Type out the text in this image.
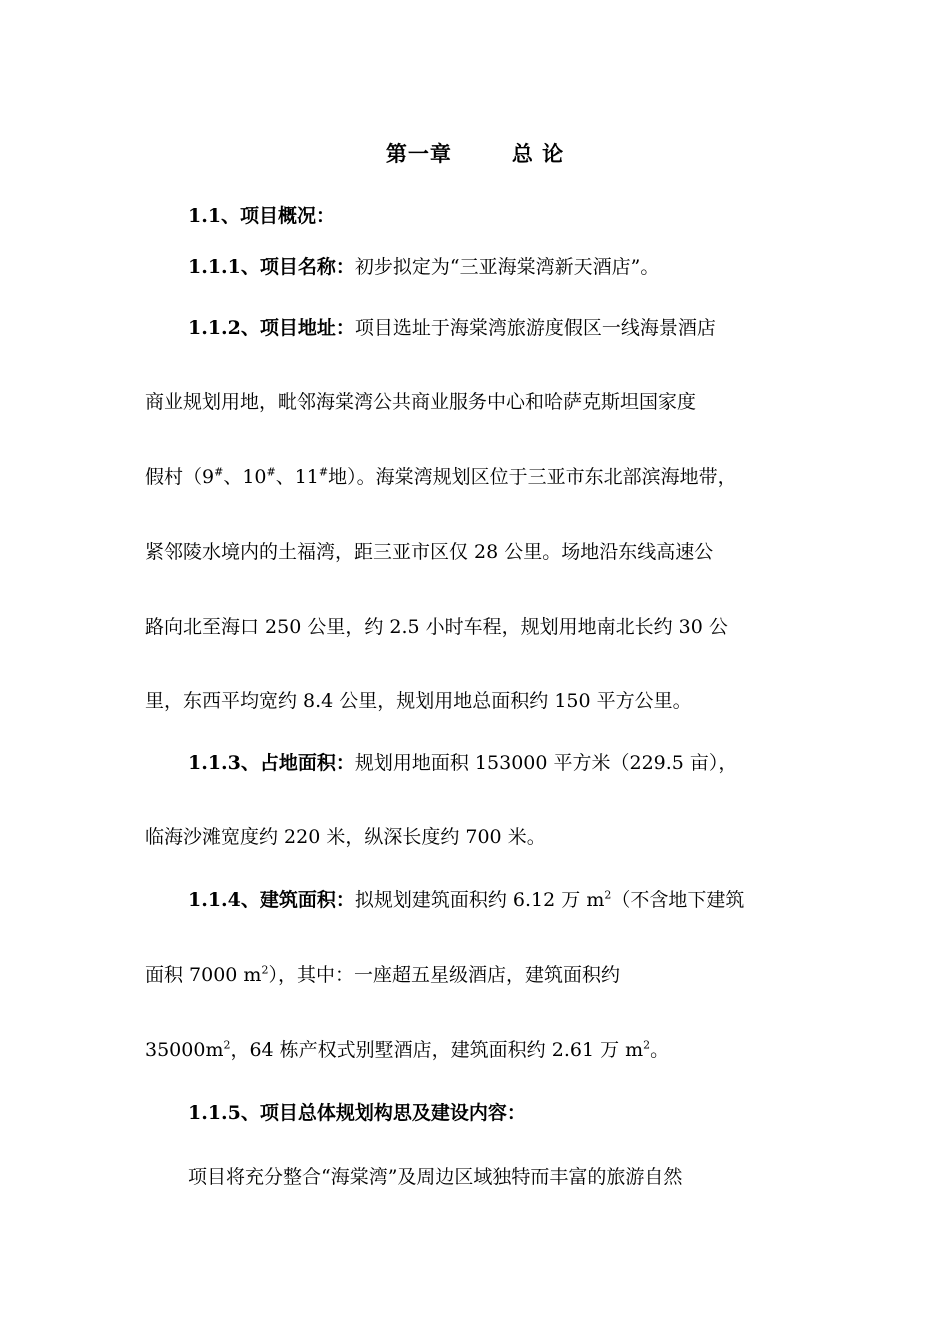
第一章	总 论
1.1、项目概况：
1.1.1、项目名称：初步拟定为“三亚海棠湾新天酒店”。
1.1.2、项目地址：项目选址于海棠湾旅游度假区一线海景酒店
商业规划用地，毗邻海棠湾公共商业服务中心和哈萨克斯坦国家度
假村（9#、10#、11#地）。海棠湾规划区位于三亚市东北部滨海地带，
紧邻陵水境内的土福湾，距三亚市区仅 28 公里。场地沿东线高速公
路向北至海口 250 公里，约 2.5 小时车程，规划用地南北长约 30 公
里，东西平均宽约 8.4 公里，规划用地总面积约 150 平方公里。
1.1.3、占地面积：规划用地面积 153000 平方米（229.5 亩），
临海沙滩宽度约 220 米，纵深长度约 700 米。
1.1.4、建筑面积：拟规划建筑面积约 6.12 万 $m^2$（不含地下建筑
面积 7000 $m^2$），其中：一座超五星级酒店，建筑面积约
$35000m^2$，64 栋产权式别墅酒店，建筑面积约 2.61 万 $m^2$。
1.1.5、项目总体规划构思及建设内容：
项目将充分整合“海棠湾”及周边区域独特而丰富的旅游自然
